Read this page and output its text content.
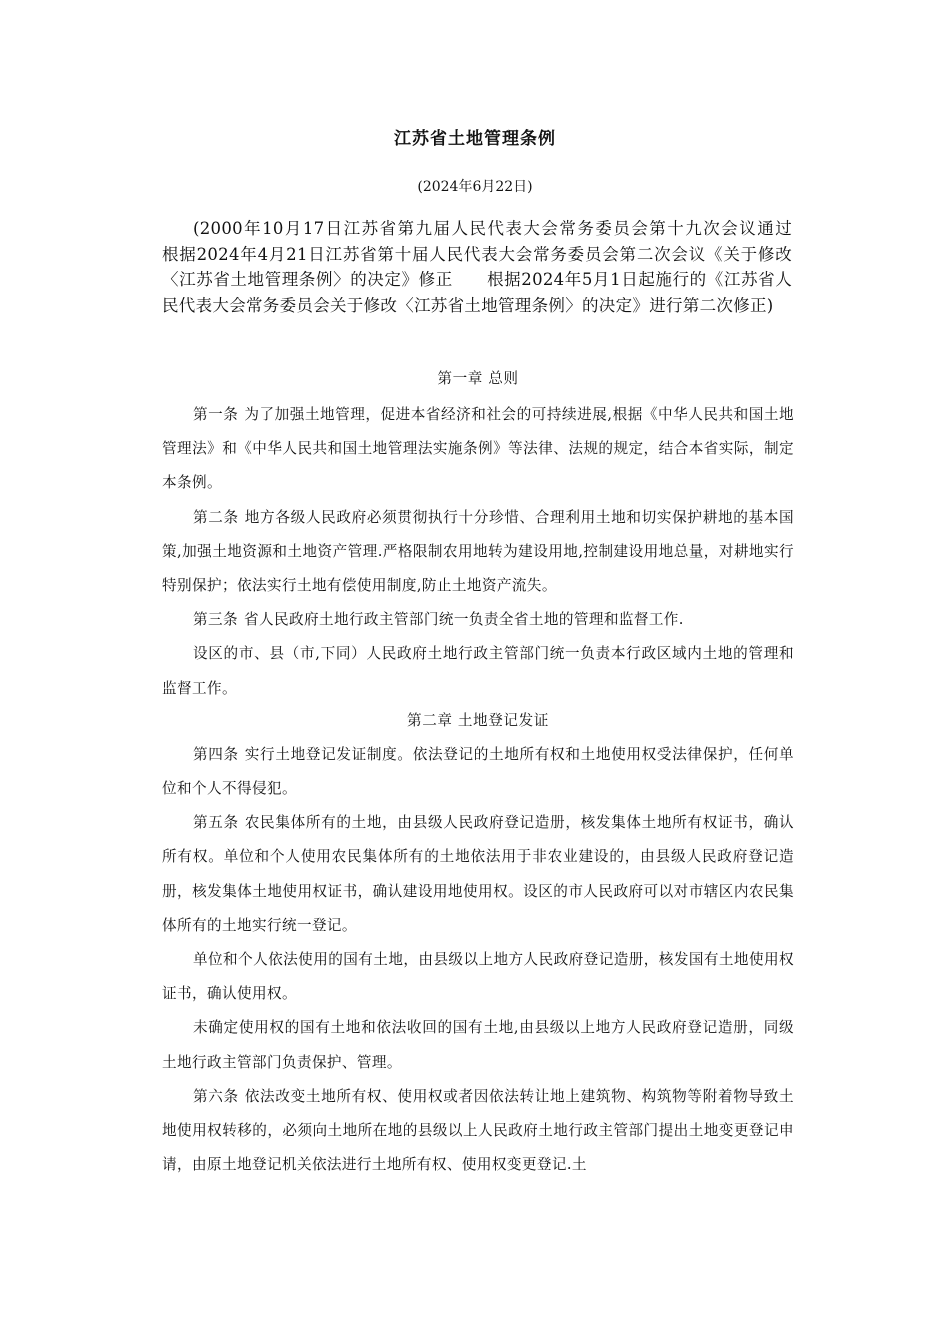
江苏省土地管理条例
(2024年6月22日)
(2000年10月17日江苏省第九届人民代表大会常务委员会第十九次会议通过　　根据2024年4月21日江苏省第十届人民代表大会常务委员会第二次会议《关于修改〈江苏省土地管理条例〉的决定》修正　　根据2024年5月1日起施行的《江苏省人民代表大会常务委员会关于修改〈江苏省土地管理条例〉的决定》进行第二次修正)
第一章 总则

第一条 为了加强土地管理，促进本省经济和社会的可持续进展,根据《中华人民共和国土地管理法》和《中华人民共和国土地管理法实施条例》等法律、法规的规定，结合本省实际，制定本条例。

第二条 地方各级人民政府必须贯彻执行十分珍惜、合理利用土地和切实保护耕地的基本国策,加强土地资源和土地资产管理.严格限制农用地转为建设用地,控制建设用地总量，对耕地实行特别保护；依法实行土地有偿使用制度,防止土地资产流失。

第三条 省人民政府土地行政主管部门统一负责全省土地的管理和监督工作.

设区的市、县（市,下同）人民政府土地行政主管部门统一负责本行政区域内土地的管理和监督工作。

第二章 土地登记发证

第四条 实行土地登记发证制度。依法登记的土地所有权和土地使用权受法律保护，任何单位和个人不得侵犯。

第五条 农民集体所有的土地，由县级人民政府登记造册，核发集体土地所有权证书，确认所有权。单位和个人使用农民集体所有的土地依法用于非农业建设的，由县级人民政府登记造册，核发集体土地使用权证书，确认建设用地使用权。设区的市人民政府可以对市辖区内农民集体所有的土地实行统一登记。

单位和个人依法使用的国有土地，由县级以上地方人民政府登记造册，核发国有土地使用权证书，确认使用权。

未确定使用权的国有土地和依法收回的国有土地,由县级以上地方人民政府登记造册，同级土地行政主管部门负责保护、管理。

第六条 依法改变土地所有权、使用权或者因依法转让地上建筑物、构筑物等附着物导致土地使用权转移的，必须向土地所在地的县级以上人民政府土地行政主管部门提出土地变更登记申请，由原土地登记机关依法进行土地所有权、使用权变更登记.土
